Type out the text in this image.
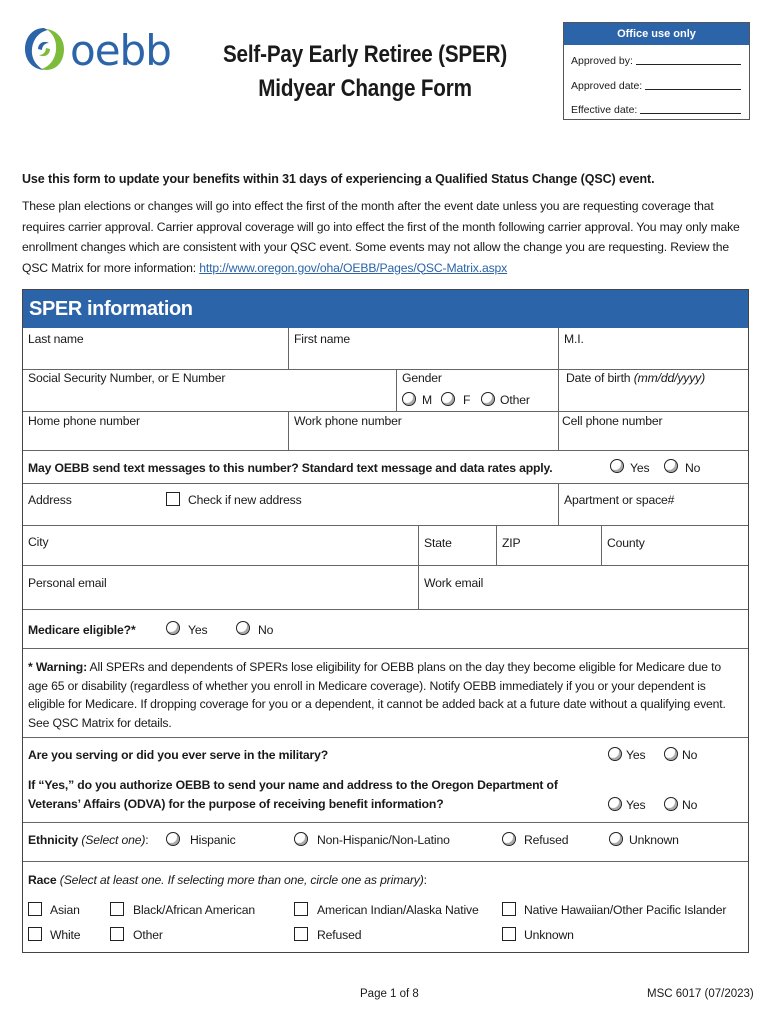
oebb	Self-Pay Early Retiree (SPER)
Midyear Change Form
Office use only
Approved by:
Approved date:
Effective date:
Use this form to update your benefits within 31 days of experiencing a Qualified Status Change (QSC) event.
These plan elections or changes will go into effect the first of the month after the event date unless you are requesting coverage that requires carrier approval. Carrier approval coverage will go into effect the first of the month following carrier approval. You may only make enrollment changes which are consistent with your QSC event. Some events may not allow the change you are requesting. Review the QSC Matrix for more information: http://www.oregon.gov/oha/OEBB/Pages/QSC-Matrix.aspx
SPER information
Last name	First name	M.I.
Social Security Number, or E Number	Gender
M	F Other
Date of birth (mm/dd/yyyy)
Home phone number	Work phone number	Cell phone number
May OEBB send text messages to this number? Standard text message and data rates apply.	Yes	No
Address	Check if new address	Apartment or space#
City	State	ZIP	County
Personal email	Work email
Medicare eligible?*	Yes	No
* Warning: All SPERs and dependents of SPERs lose eligibility for OEBB plans on the day they become eligible for Medicare due to age 65 or disability (regardless of whether you enroll in Medicare coverage). Notify OEBB immediately if you or your dependent is eligible for Medicare. If dropping coverage for you or a dependent, it cannot be added back at a future date without a qualifying event. See QSC Matrix for details.
Are you serving or did you ever serve in the military?	Yes	No
If “Yes,” do you authorize OEBB to send your name and address to the Oregon Department of
Veterans’ Affairs (ODVA) for the purpose of receiving benefit information?	Yes	No
Ethnicity (Select one):	Hispanic	Non-Hispanic/Non-Latino	Refused	Unknown
Race (Select at least one. If selecting more than one, circle one as primary):
Asian	Black/African American	American Indian/Alaska Native	Native Hawaiian/Other Pacific Islander
White	Other	Refused	Unknown
Page 1 of 8	MSC 6017 (07/2023)
